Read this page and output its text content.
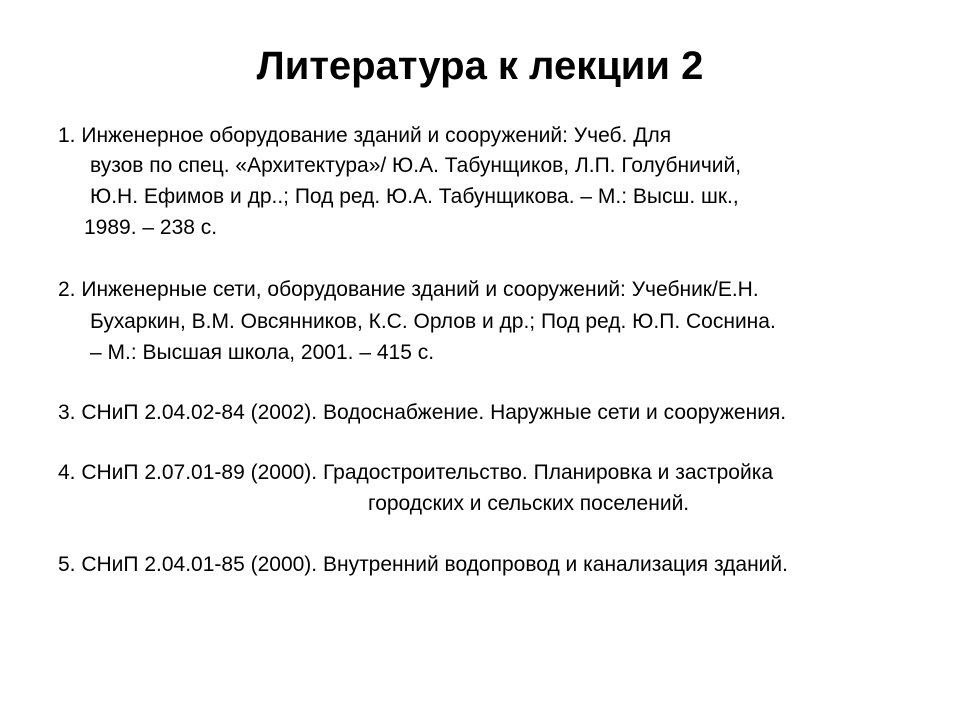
Литература к лекции 2
1. Инженерное оборудование зданий и сооружений: Учеб. Для
вузов по спец. «Архитектура»/ Ю.А. Табунщиков, Л.П. Голубничий,
Ю.Н. Ефимов и др..; Под ред. Ю.А. Табунщикова. – М.: Высш. шк.,
1989. – 238 с.
2. Инженерные сети, оборудование зданий и сооружений: Учебник/Е.Н.
Бухаркин, В.М. Овсянников, К.С. Орлов и др.; Под ред. Ю.П. Соснина.
– М.: Высшая школа, 2001. – 415 с.
3. СНиП 2.04.02-84 (2002). Водоснабжение. Наружные сети и сооружения.
4. СНиП 2.07.01-89 (2000). Градостроительство. Планировка и застройка
городских и сельских поселений.
5. СНиП 2.04.01-85 (2000). Внутренний водопровод и канализация зданий.
